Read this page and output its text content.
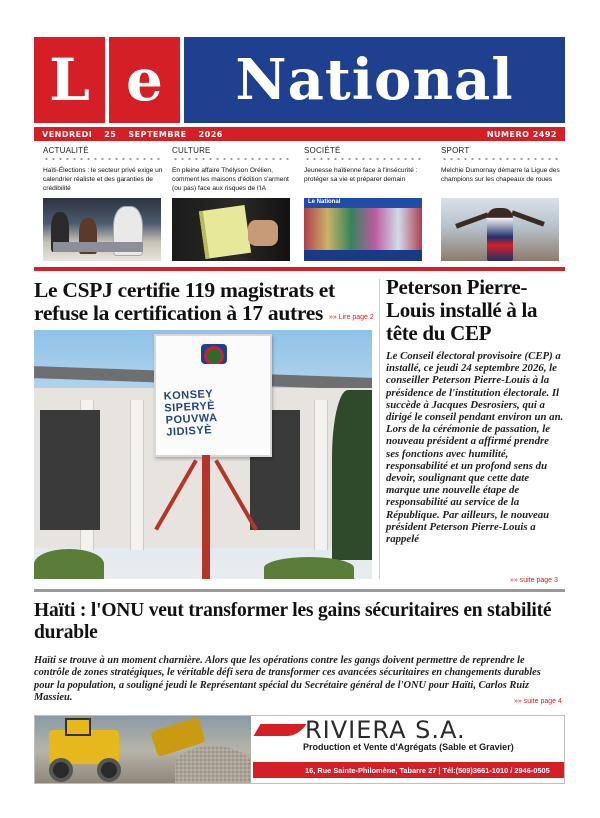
L e	National
VENDREDI 25 SEPTEMBRE 2026	NUMERO 2492
ACTUALITÉ
Haïti-Élections : le secteur privé exige un calendrier réaliste et des garanties de crédibilité
CULTURE
En pleine affaire Thélyson Orélien, comment les maisons d'édition s'arment (ou pas) face aux risques de l'IA
SOCIÉTÉ
Jeunesse haïtienne face à l'insécurité : protéger sa vie et préparer demain
Le National
SPORT
Melchie Dumornay démarre la Ligue des champions sur les chapeaux de roues
Le CSPJ certifie 119 magistrats et refuse la certification à 17 autres »» Lire page 2
KONSEY SIPERYÈ
POUVWA JIDISYÈ
Peterson Pierre-Louis installé à la tête du CEP
Le Conseil électoral provisoire (CEP) a installé, ce jeudi 24 septembre 2026, le conseiller Peterson Pierre-Louis à la présidence de l'institution électorale. Il succède à Jacques Desrosiers, qui a dirigé le conseil pendant environ un an. Lors de la cérémonie de passation, le nouveau président a affirmé prendre ses fonctions avec humilité, responsabilité et un profond sens du devoir, soulignant que cette date marque une nouvelle étape de responsabilité au service de la République. Par ailleurs, le nouveau président Peterson Pierre-Louis a rappelé
»» suite page 3
Haïti : l'ONU veut transformer les gains sécuritaires en stabilité durable
Haïti se trouve à un moment charnière. Alors que les opérations contre les gangs doivent permettre de reprendre le contrôle de zones stratégiques, le véritable défi sera de transformer ces avancées sécuritaires en changements durables pour la population, a souligné jeudi le Représentant spécial du Secrétaire général de l'ONU pour Haïti, Carlos Ruiz Massieu.	»» suite page 4
RIVIERA S.A.
Production et Vente d'Agrégats (Sable et Gravier)
16, Rue Sainte-Philomène, Tabarre 27 | Tél:(509)3661-1010 / 2946-0505
